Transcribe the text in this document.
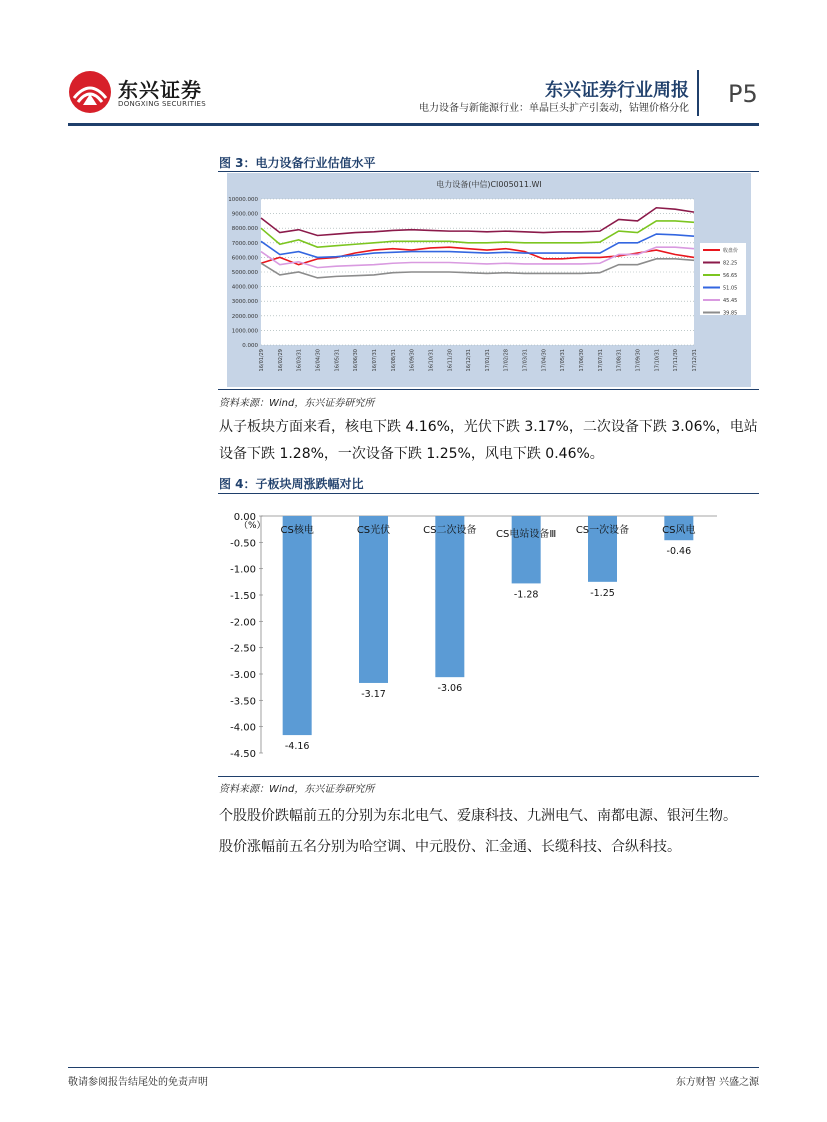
东兴证券
DONGXING SECURITIES
东兴证券行业周报
电力设备与新能源行业：单晶巨头扩产引轰动，钴锂价格分化
P5
图 3：电力设备行业估值水平
电力设备(中信)CI005011.WI
16/01/29	16/02/29	16/03/31	16/04/30	16/05/31	16/06/30	16/07/31	16/08/31	16/09/30	16/10/31	16/11/30	16/12/31	17/01/31	17/02/28	17/03/31	17/04/30	17/05/31	17/06/30	17/07/31	17/08/31	17/09/30	17/10/31	17/11/30	17/12/31
10000.000
9000.000
8000.000
7000.000
6000.000
5000.000
4000.000
3000.000
2000.000
1000.000
0.000
收盘价
82.25
56.65
51.05
45.45
39.85
资料来源：Wind，东兴证券研究所
从子板块方面来看，核电下跌 4.16%，光伏下跌 3.17%，二次设备下跌 3.06%，电站设备下跌 1.28%，一次设备下跌 1.25%，风电下跌 0.46%。
图 4：子板块周涨跌幅对比
0.00
-0.50
-1.00
-1.50
-2.00
-2.50
-3.00
-3.50
-4.00
-4.50
CS核电	CS光伏	CS二次设备 CS电站设备Ⅲ CS一次设备	CS风电
-4.16
-3.17
-3.06
-1.28	-1.25
-0.46
（%）
资料来源：Wind，东兴证券研究所
个股股价跌幅前五的分别为东北电气、爱康科技、九洲电气、南都电源、银河生物。
股价涨幅前五名分别为哈空调、中元股份、汇金通、长缆科技、合纵科技。
敬请参阅报告结尾处的免责声明	东方财智 兴盛之源
